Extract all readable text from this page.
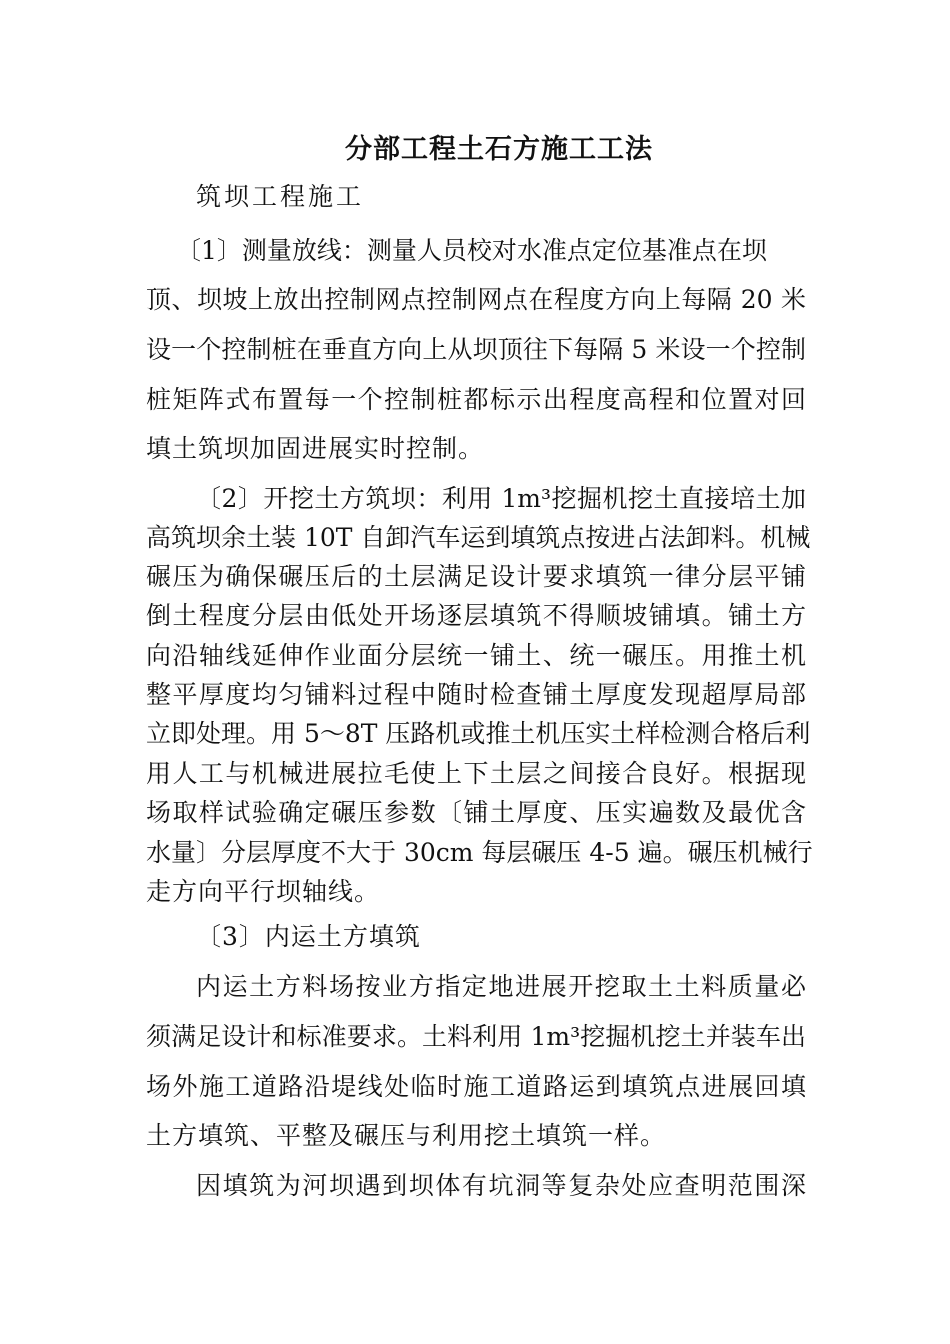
分部工程土石方施工工法
筑坝工程施工
〔1〕测量放线：测量人员校对水准点定位基准点在坝
顶、坝坡上放出控制网点控制网点在程度方向上每隔 20 米
设一个控制桩在垂直方向上从坝顶往下每隔 5 米设一个控制
桩矩阵式布置每一个控制桩都标示出程度高程和位置对回
填土筑坝加固进展实时控制。
〔2〕开挖土方筑坝：利用 1m³挖掘机挖土直接培土加
高筑坝余土装 10T 自卸汽车运到填筑点按进占法卸料。机械
碾压为确保碾压后的土层满足设计要求填筑一律分层平铺
倒土程度分层由低处开场逐层填筑不得顺坡铺填。铺土方
向沿轴线延伸作业面分层统一铺土、统一碾压。用推土机
整平厚度均匀铺料过程中随时检查铺土厚度发现超厚局部
立即处理。用 5～8T 压路机或推土机压实土样检测合格后利
用人工与机械进展拉毛使上下土层之间接合良好。根据现
场取样试验确定碾压参数〔铺土厚度、压实遍数及最优含
水量〕分层厚度不大于 30cm 每层碾压 4-5 遍。碾压机械行
走方向平行坝轴线。
〔3〕内运土方填筑
内运土方料场按业方指定地进展开挖取土土料质量必
须满足设计和标准要求。土料利用 1m³挖掘机挖土并装车出
场外施工道路沿堤线处临时施工道路运到填筑点进展回填
土方填筑、平整及碾压与利用挖土填筑一样。
因填筑为河坝遇到坝体有坑洞等复杂处应查明范围深
